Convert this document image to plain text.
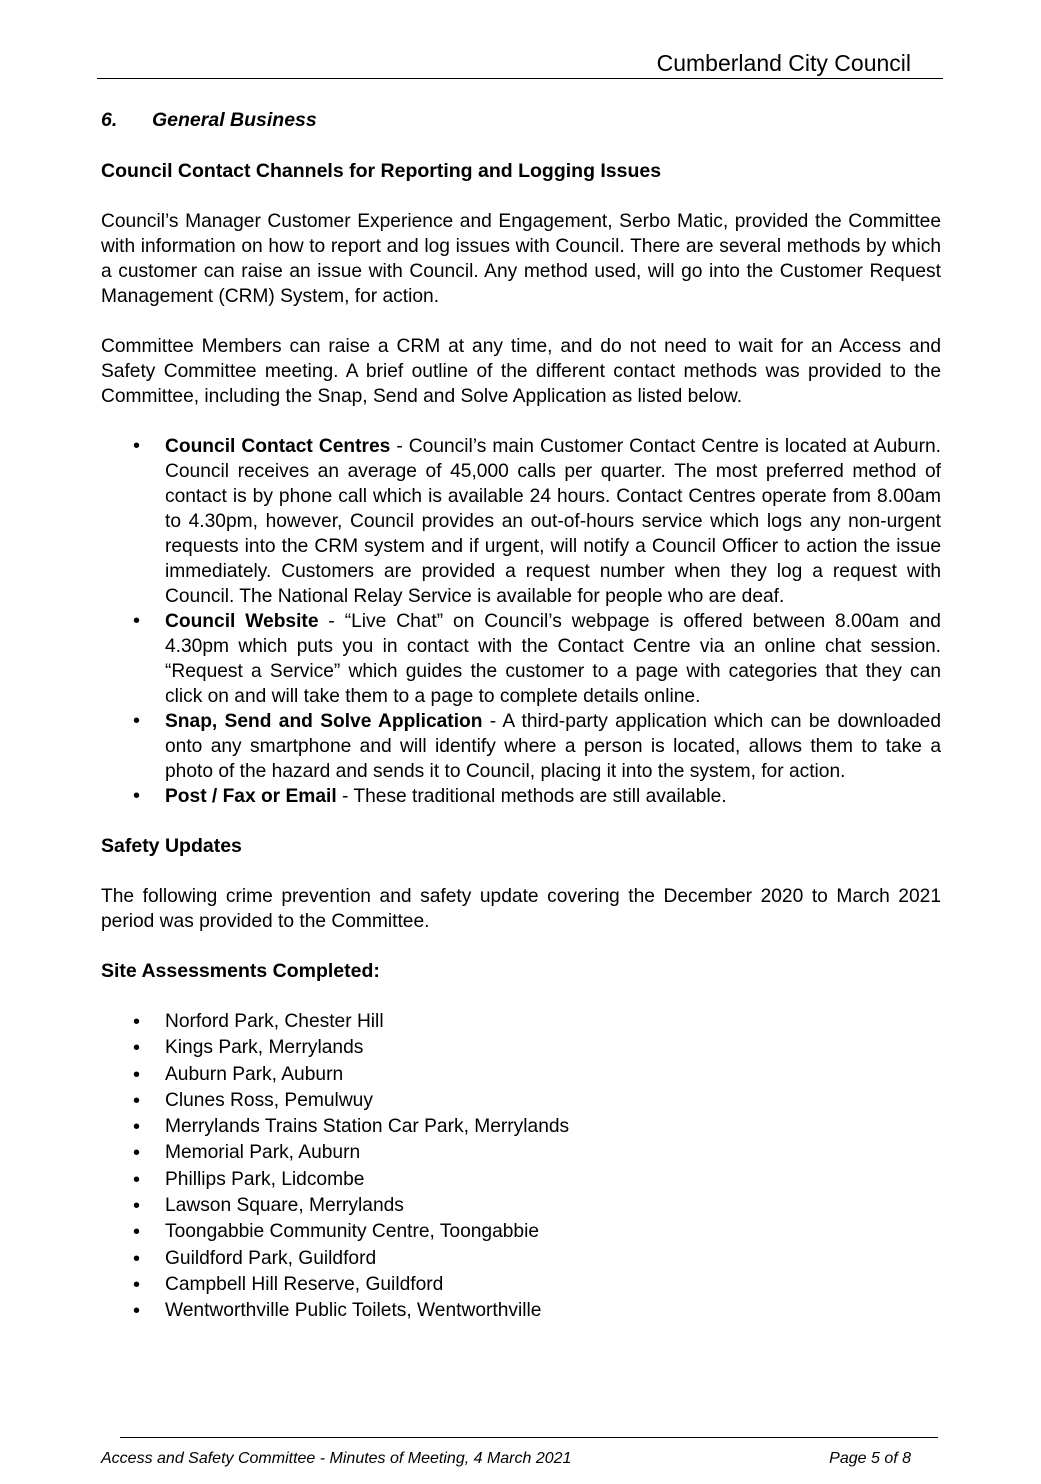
Cumberland City Council
6. General Business
Council Contact Channels for Reporting and Logging Issues

Council’s Manager Customer Experience and Engagement, Serbo Matic, provided the Committee with information on how to report and log issues with Council. There are several methods by which a customer can raise an issue with Council. Any method used, will go into the Customer Request Management (CRM) System, for action.

Committee Members can raise a CRM at any time, and do not need to wait for an Access and Safety Committee meeting. A brief outline of the different contact methods was provided to the Committee, including the Snap, Send and Solve Application as listed below.

• Council Contact Centres - Council’s main Customer Contact Centre is located at Auburn. Council receives an average of 45,000 calls per quarter. The most preferred method of contact is by phone call which is available 24 hours. Contact Centres operate from 8.00am to 4.30pm, however, Council provides an out-of-hours service which logs any non-urgent requests into the CRM system and if urgent, will notify a Council Officer to action the issue immediately. Customers are provided a request number when they log a request with Council. The National Relay Service is available for people who are deaf.
• Council Website - “Live Chat” on Council’s webpage is offered between 8.00am and 4.30pm which puts you in contact with the Contact Centre via an online chat session. “Request a Service” which guides the customer to a page with categories that they can click on and will take them to a page to complete details online.
• Snap, Send and Solve Application - A third-party application which can be downloaded onto any smartphone and will identify where a person is located, allows them to take a photo of the hazard and sends it to Council, placing it into the system, for action.
• Post / Fax or Email - These traditional methods are still available.
Safety Updates

The following crime prevention and safety update covering the December 2020 to March 2021 period was provided to the Committee.

Site Assessments Completed:
• Norford Park, Chester Hill
• Kings Park, Merrylands
• Auburn Park, Auburn
• Clunes Ross, Pemulwuy
• Merrylands Trains Station Car Park, Merrylands
• Memorial Park, Auburn
• Phillips Park, Lidcombe
• Lawson Square, Merrylands
• Toongabbie Community Centre, Toongabbie
• Guildford Park, Guildford
• Campbell Hill Reserve, Guildford
• Wentworthville Public Toilets, Wentworthville
Access and Safety Committee - Minutes of Meeting, 4 March 2021	Page 5 of 8
